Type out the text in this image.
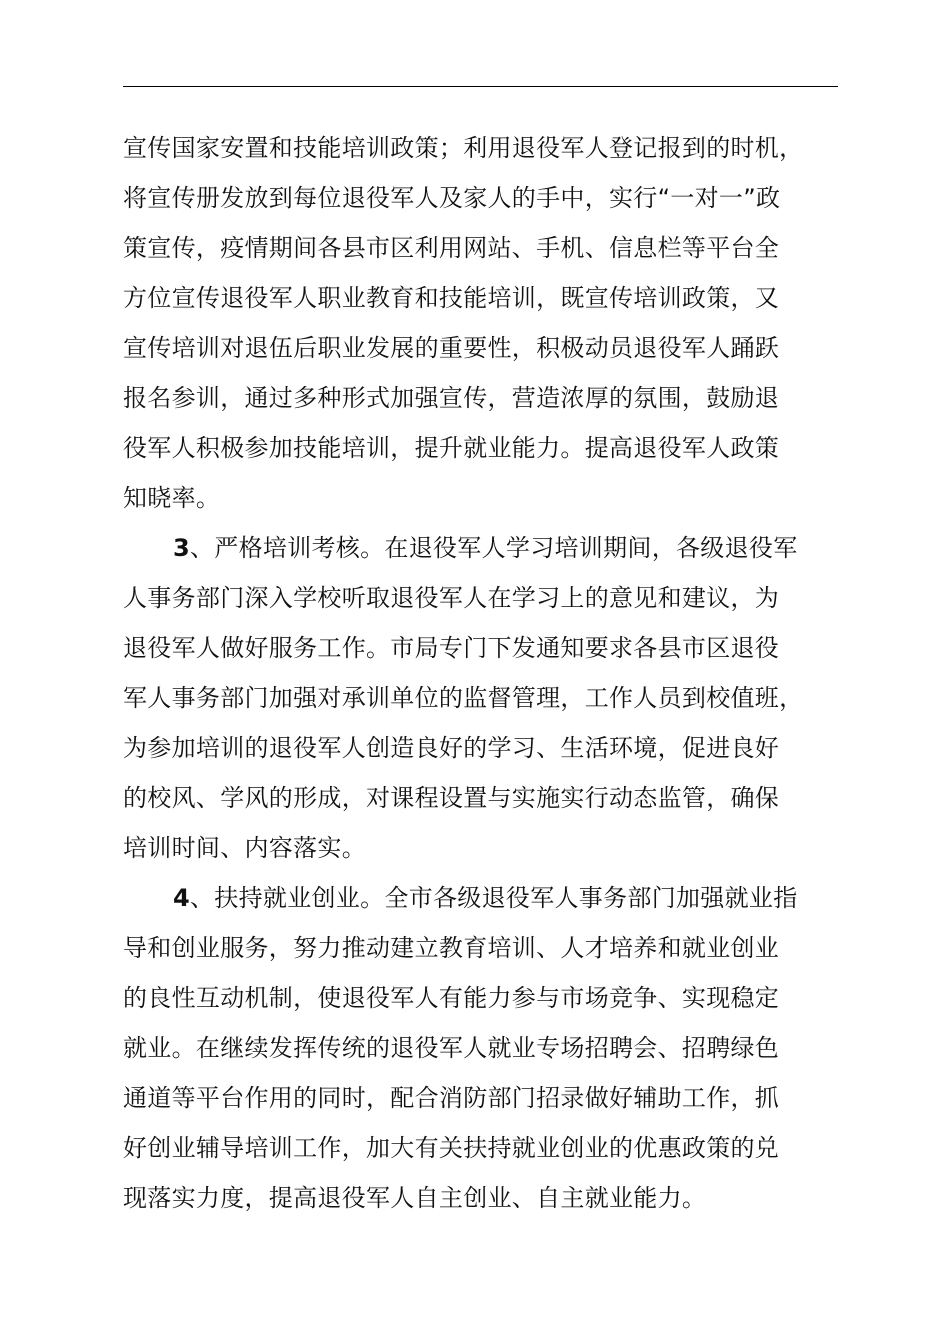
宣传国家安置和技能培训政策；利用退役军人登记报到的时机，
将宣传册发放到每位退役军人及家人的手中，实行“一对一”政
策宣传，疫情期间各县市区利用网站、手机、信息栏等平台全
方位宣传退役军人职业教育和技能培训，既宣传培训政策，又
宣传培训对退伍后职业发展的重要性，积极动员退役军人踊跃
报名参训，通过多种形式加强宣传，营造浓厚的氛围，鼓励退
役军人积极参加技能培训，提升就业能力。提高退役军人政策
知晓率。
3、严格培训考核。在退役军人学习培训期间，各级退役军
人事务部门深入学校听取退役军人在学习上的意见和建议，为
退役军人做好服务工作。市局专门下发通知要求各县市区退役
军人事务部门加强对承训单位的监督管理，工作人员到校值班，
为参加培训的退役军人创造良好的学习、生活环境，促进良好
的校风、学风的形成，对课程设置与实施实行动态监管，确保
培训时间、内容落实。
4、扶持就业创业。全市各级退役军人事务部门加强就业指
导和创业服务，努力推动建立教育培训、人才培养和就业创业
的良性互动机制，使退役军人有能力参与市场竞争、实现稳定
就业。在继续发挥传统的退役军人就业专场招聘会、招聘绿色
通道等平台作用的同时，配合消防部门招录做好辅助工作，抓
好创业辅导培训工作，加大有关扶持就业创业的优惠政策的兑
现落实力度，提高退役军人自主创业、自主就业能力。
